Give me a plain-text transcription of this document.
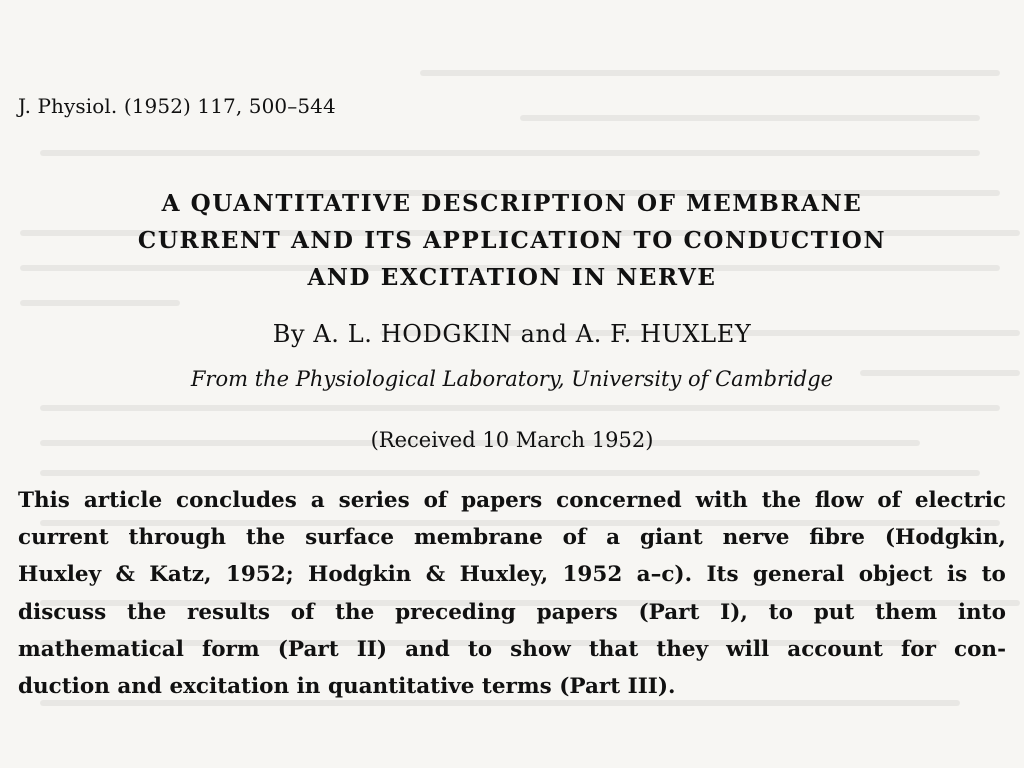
J. Physiol. (1952) 117, 500–544
A QUANTITATIVE DESCRIPTION OF MEMBRANE
CURRENT AND ITS APPLICATION TO CONDUCTION
AND EXCITATION IN NERVE
By A. L. HODGKIN and A. F. HUXLEY
From the Physiological Laboratory, University of Cambridge
(Received 10 March 1952)
This article concludes a series of papers concerned with the flow of electric
current through the surface membrane of a giant nerve fibre (Hodgkin,
Huxley & Katz, 1952; Hodgkin & Huxley, 1952 a–c). Its general object is to
discuss the results of the preceding papers (Part I), to put them into
mathematical form (Part II) and to show that they will account for con-
duction
and
excitation
in
quantitative
terms
(Part
III).
